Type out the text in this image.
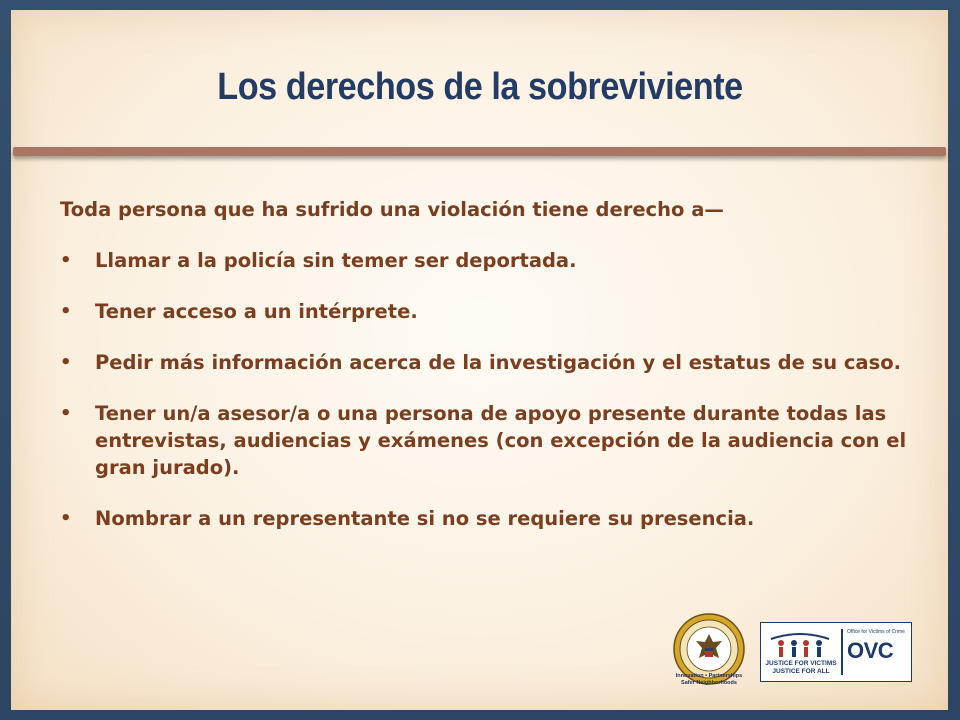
Los derechos de la sobreviviente

Toda persona que ha sufrido una violación tiene derecho a—

•	Llamar a la policía sin temer ser deportada.
•	Tener acceso a un intérprete.
•	Pedir más información acerca de la investigación y el estatus de su caso.
•	Tener un/a asesor/a o una persona de apoyo presente durante todas las entrevistas, audiencias y exámenes (con excepción de la audiencia con el gran jurado).
•	Nombrar a un representante si no se requiere su presencia.
Innovation • Partnerships
Safer Neighborhoods
JUSTICE FOR VICTIMS
JUSTICE FOR ALL
Office for Victims of Crime
OVC
